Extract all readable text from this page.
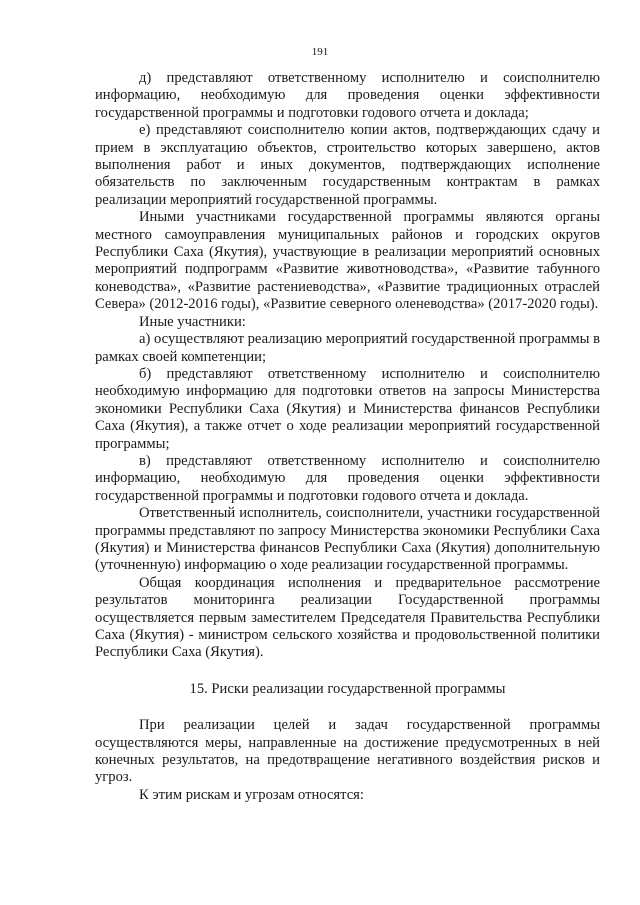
191

д) представляют ответственному исполнителю и соисполнителю информацию, необходимую для проведения оценки эффективности государственной программы и подготовки годового отчета и доклада;

е) представляют соисполнителю копии актов, подтверждающих сдачу и прием в эксплуатацию объектов, строительство которых завершено, актов выполнения работ и иных документов, подтверждающих исполнение обязательств по заключенным государственным контрактам в рамках реализации мероприятий государственной программы.

Иными участниками государственной программы являются органы местного самоуправления муниципальных районов и городских округов Республики Саха (Якутия), участвующие в реализации мероприятий основных мероприятий подпрограмм «Развитие животноводства», «Развитие табунного коневодства», «Развитие растениеводства», «Развитие традиционных отраслей Севера» (2012-2016 годы), «Развитие северного оленеводства» (2017-2020 годы).

Иные участники:

а) осуществляют реализацию мероприятий государственной программы в рамках своей компетенции;

б) представляют ответственному исполнителю и соисполнителю необходимую информацию для подготовки ответов на запросы Министерства экономики Республики Саха (Якутия) и Министерства финансов Республики Саха (Якутия), а также отчет о ходе реализации мероприятий государственной программы;

в) представляют ответственному исполнителю и соисполнителю информацию, необходимую для проведения оценки эффективности государственной программы и подготовки годового отчета и доклада.

Ответственный исполнитель, соисполнители, участники государственной программы представляют по запросу Министерства экономики Республики Саха (Якутия) и Министерства финансов Республики Саха (Якутия) дополнительную (уточненную) информацию о ходе реализации государственной программы.

Общая координация исполнения и предварительное рассмотрение результатов мониторинга реализации Государственной программы осуществляется первым заместителем Председателя Правительства Республики Саха (Якутия) - министром сельского хозяйства и продовольственной политики Республики Саха (Якутия).

15. Риски реализации государственной программы

При реализации целей и задач государственной программы осуществляются меры, направленные на достижение предусмотренных в ней конечных результатов, на предотвращение негативного воздействия рисков и угроз.

К этим рискам и угрозам относятся:
